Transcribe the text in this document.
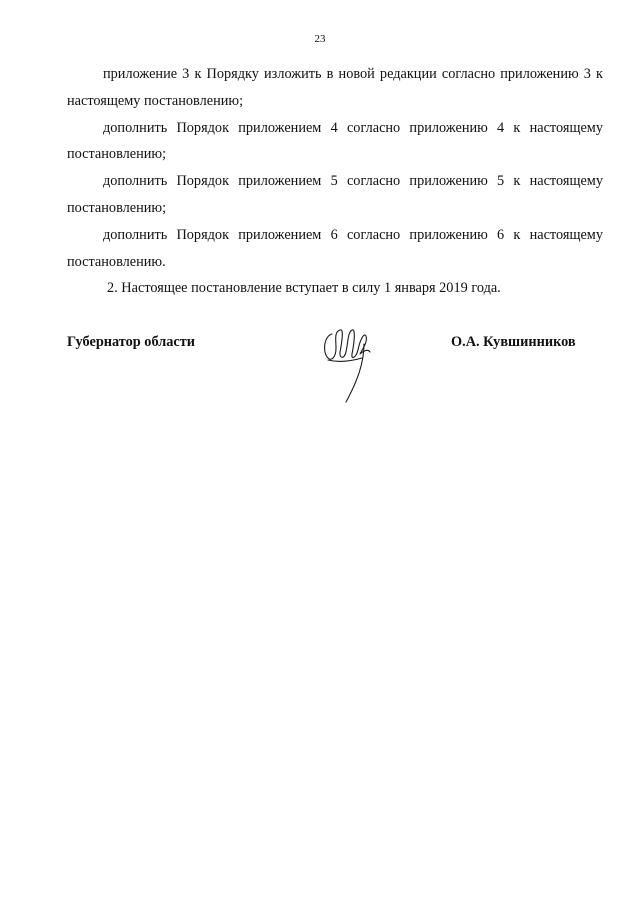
23

приложение 3 к Порядку изложить в новой редакции согласно приложению 3 к настоящему постановлению;

дополнить Порядок приложением 4 согласно приложению 4 к настоящему постановлению;

дополнить Порядок приложением 5 согласно приложению 5 к настоящему постановлению;

дополнить Порядок приложением 6 согласно приложению 6 к настоящему постановлению.

2. Настоящее постановление вступает в силу 1 января 2019 года.

Губернатор области	О.А. Кувшинников
